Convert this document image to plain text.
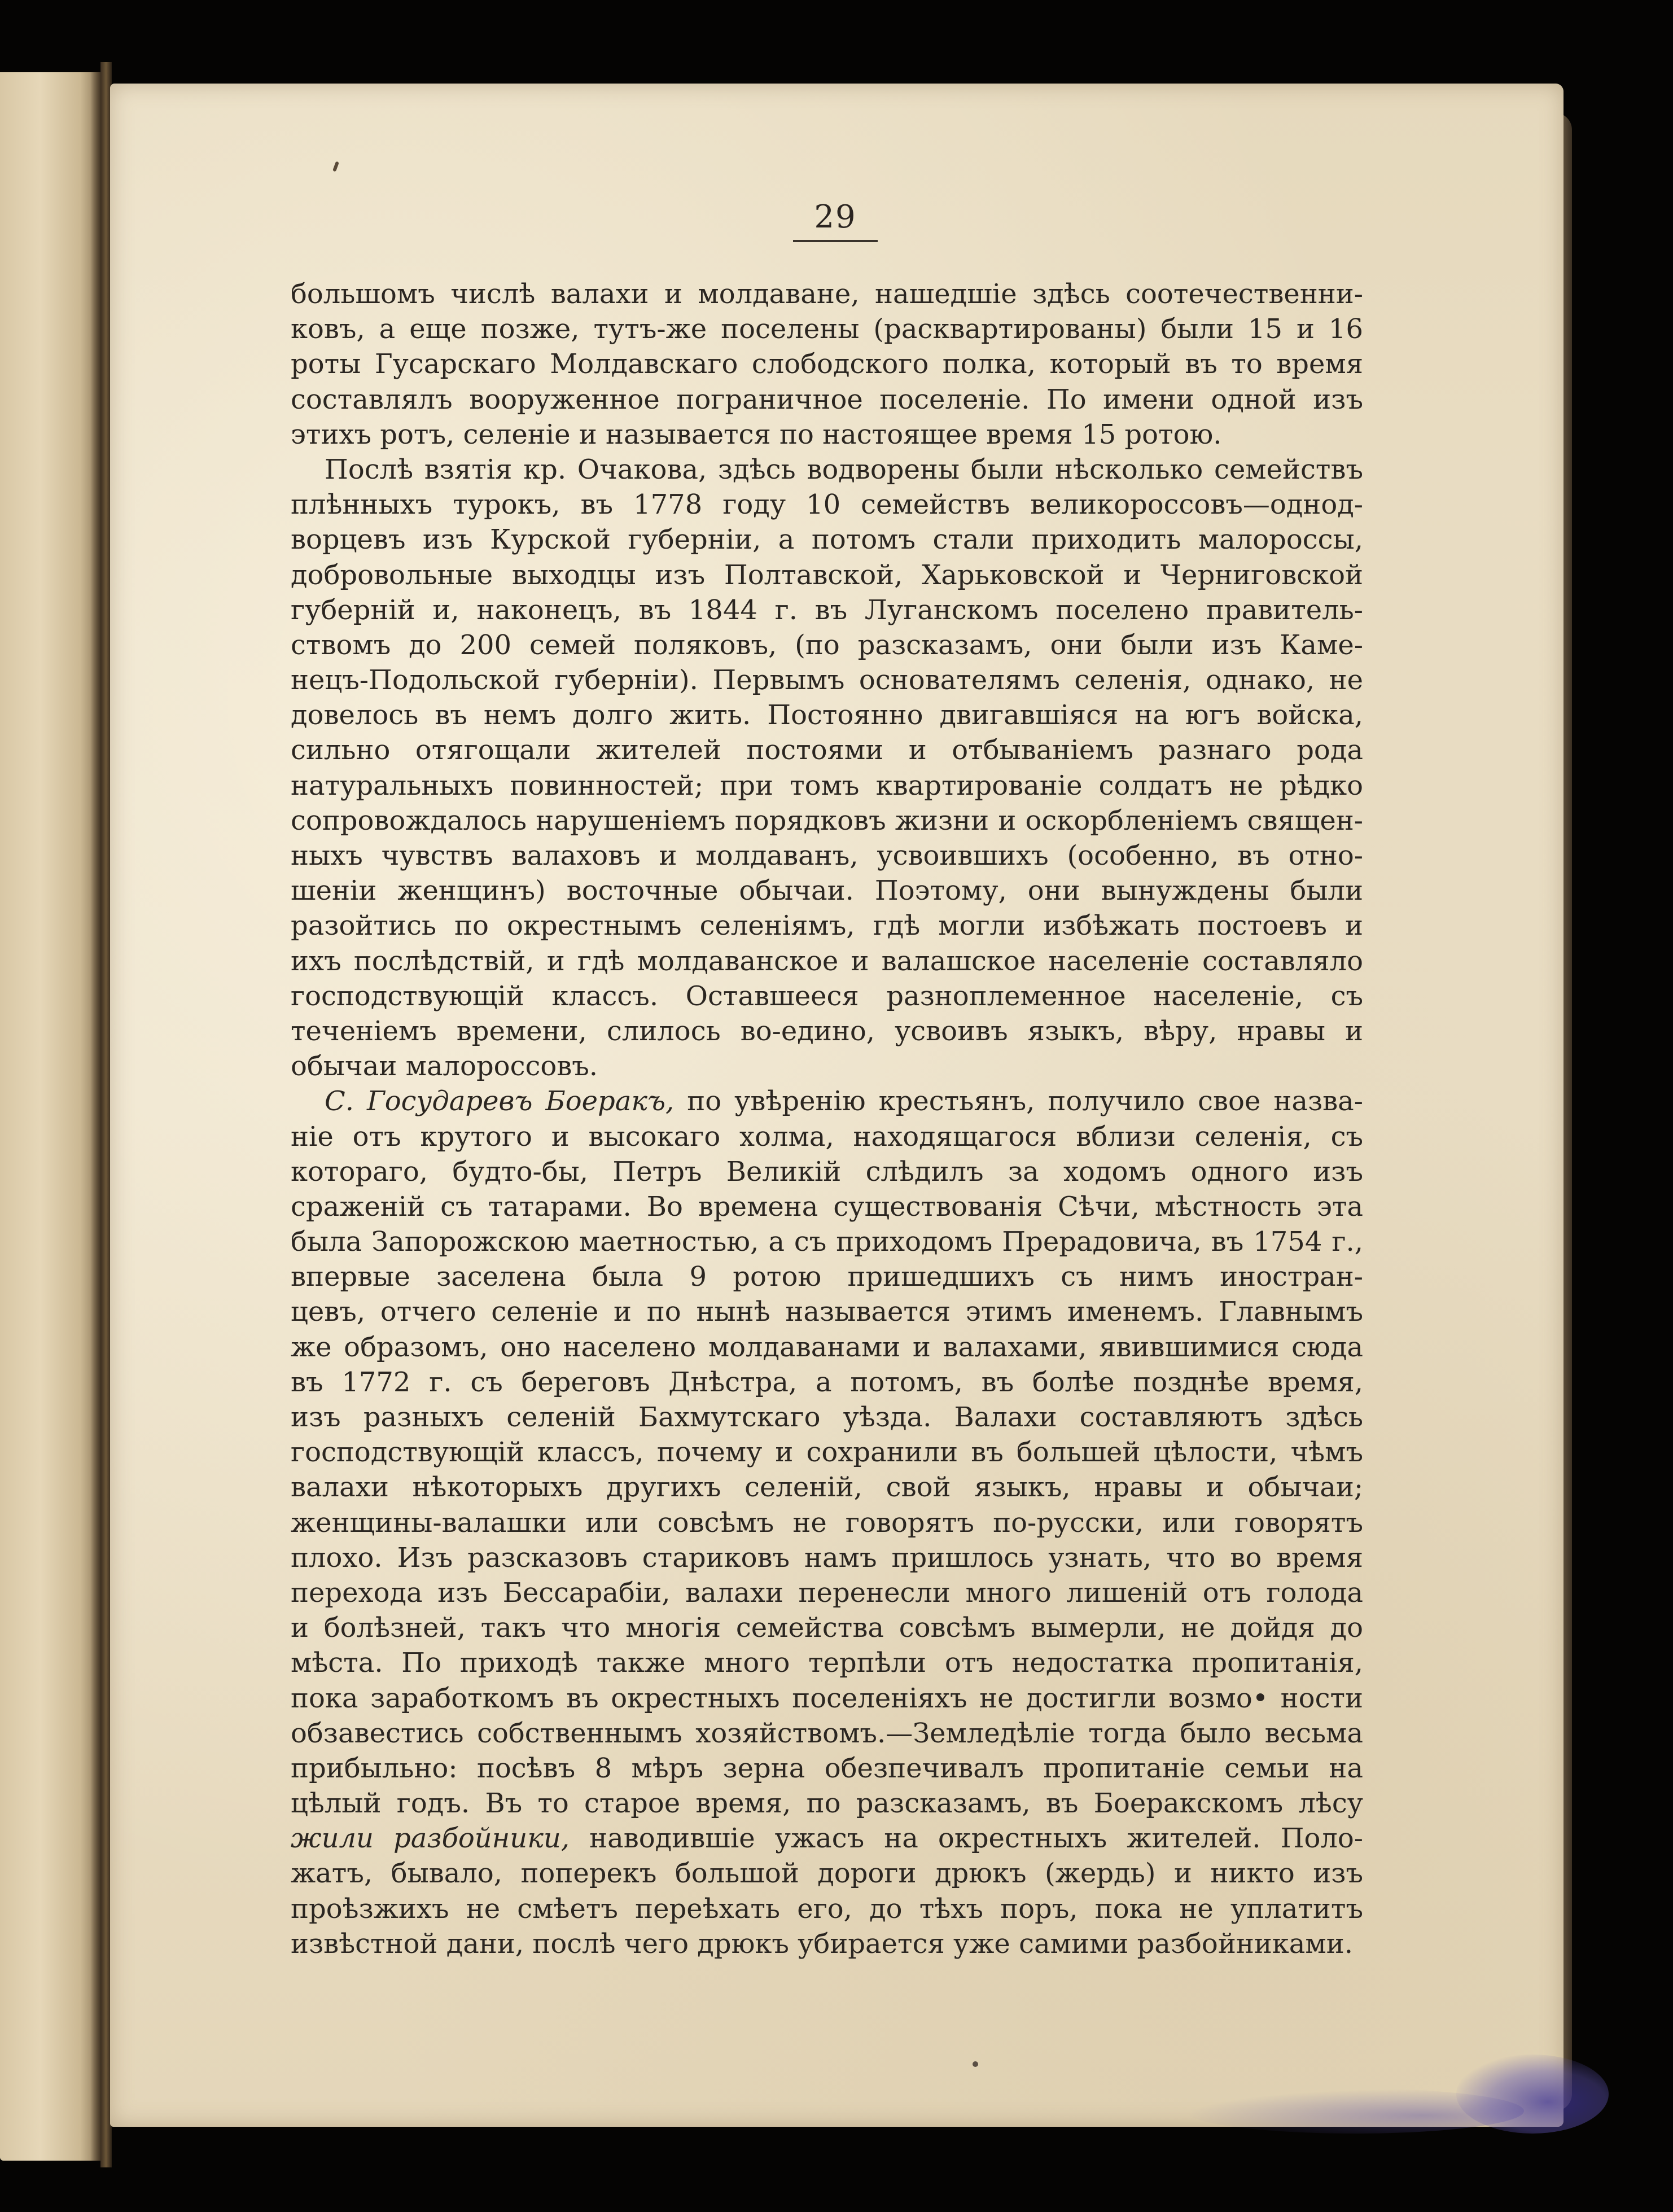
29
большомъ числѣ валахи и молдаване, нашедшіе здѣсь соотечественни-
ковъ, а еще позже, тутъ-же поселены (расквартированы) были 15 и 16
роты Гусарскаго Молдавскаго слободского полка, который въ то время
составлялъ вооруженное пограничное поселеніе. По имени одной изъ
этихъ ротъ, селеніе и называется по настоящее время 15 ротою.
Послѣ взятія кр. Очакова, здѣсь водворены были нѣсколько семействъ
плѣнныхъ турокъ, въ 1778 году 10 семействъ великороссовъ—однод-
ворцевъ изъ Курской губерніи, а потомъ стали приходить малороссы,
добровольные выходцы изъ Полтавской, Харьковской и Черниговской
губерній и, наконецъ, въ 1844 г. въ Луганскомъ поселено правитель-
ствомъ до 200 семей поляковъ, (по разсказамъ, они были изъ Каме-
нецъ-Подольской губерніи). Первымъ основателямъ селенія, однако, не
довелось въ немъ долго жить. Постоянно двигавшіяся на югъ войска,
сильно отягощали жителей постоями и отбываніемъ разнаго рода
натуральныхъ повинностей; при томъ квартированіе солдатъ не рѣдко
сопровождалось нарушеніемъ порядковъ жизни и оскорбленіемъ священ-
ныхъ чувствъ валаховъ и молдаванъ, усвоившихъ (особенно, въ отно-
шеніи женщинъ) восточные обычаи. Поэтому, они вынуждены были
разойтись по окрестнымъ селеніямъ, гдѣ могли избѣжать постоевъ и
ихъ послѣдствій, и гдѣ молдаванское и валашское населеніе составляло
господствующій классъ. Оставшееся разноплеменное населеніе, съ
теченіемъ времени, слилось во-едино, усвоивъ языкъ, вѣру, нравы и
обычаи малороссовъ.
С. Государевъ Боеракъ, по увѣренію крестьянъ, получило свое назва-
ніе отъ крутого и высокаго холма, находящагося вблизи селенія, съ
котораго, будто-бы, Петръ Великій слѣдилъ за ходомъ одного изъ
сраженій съ татарами. Во времена существованія Сѣчи, мѣстность эта
была Запорожскою маетностью, а съ приходомъ Прерадовича, въ 1754 г.,
впервые заселена была 9 ротою пришедшихъ съ нимъ иностран-
цевъ, отчего селеніе и по нынѣ называется этимъ именемъ. Главнымъ
же образомъ, оно населено молдаванами и валахами, явившимися сюда
въ 1772 г. съ береговъ Днѣстра, а потомъ, въ болѣе позднѣе время,
изъ разныхъ селеній Бахмутскаго уѣзда. Валахи составляютъ здѣсь
господствующій классъ, почему и сохранили въ большей цѣлости, чѣмъ
валахи нѣкоторыхъ другихъ селеній, свой языкъ, нравы и обычаи;
женщины-валашки или совсѣмъ не говорятъ по-русски, или говорятъ
плохо. Изъ разсказовъ стариковъ намъ пришлось узнать, что во время
перехода изъ Бессарабіи, валахи перенесли много лишеній отъ голода
и болѣзней, такъ что многія семейства совсѣмъ вымерли, не дойдя до
мѣста. По приходѣ также много терпѣли отъ недостатка пропитанія,
пока заработкомъ въ окрестныхъ поселеніяхъ не достигли возмо• ности
обзавестись собственнымъ хозяйствомъ.—Земледѣліе тогда было весьма
прибыльно: посѣвъ 8 мѣръ зерна обезпечивалъ пропитаніе семьи на
цѣлый годъ. Въ то старое время, по разсказамъ, въ Боеракскомъ лѣсу
жили разбойники, наводившіе ужасъ на окрестныхъ жителей. Поло-
жатъ, бывало, поперекъ большой дороги дрюкъ (жердь) и никто изъ
проѣзжихъ не смѣетъ переѣхать его, до тѣхъ поръ, пока не уплатитъ
извѣстной дани, послѣ чего дрюкъ убирается уже самими разбойниками.
